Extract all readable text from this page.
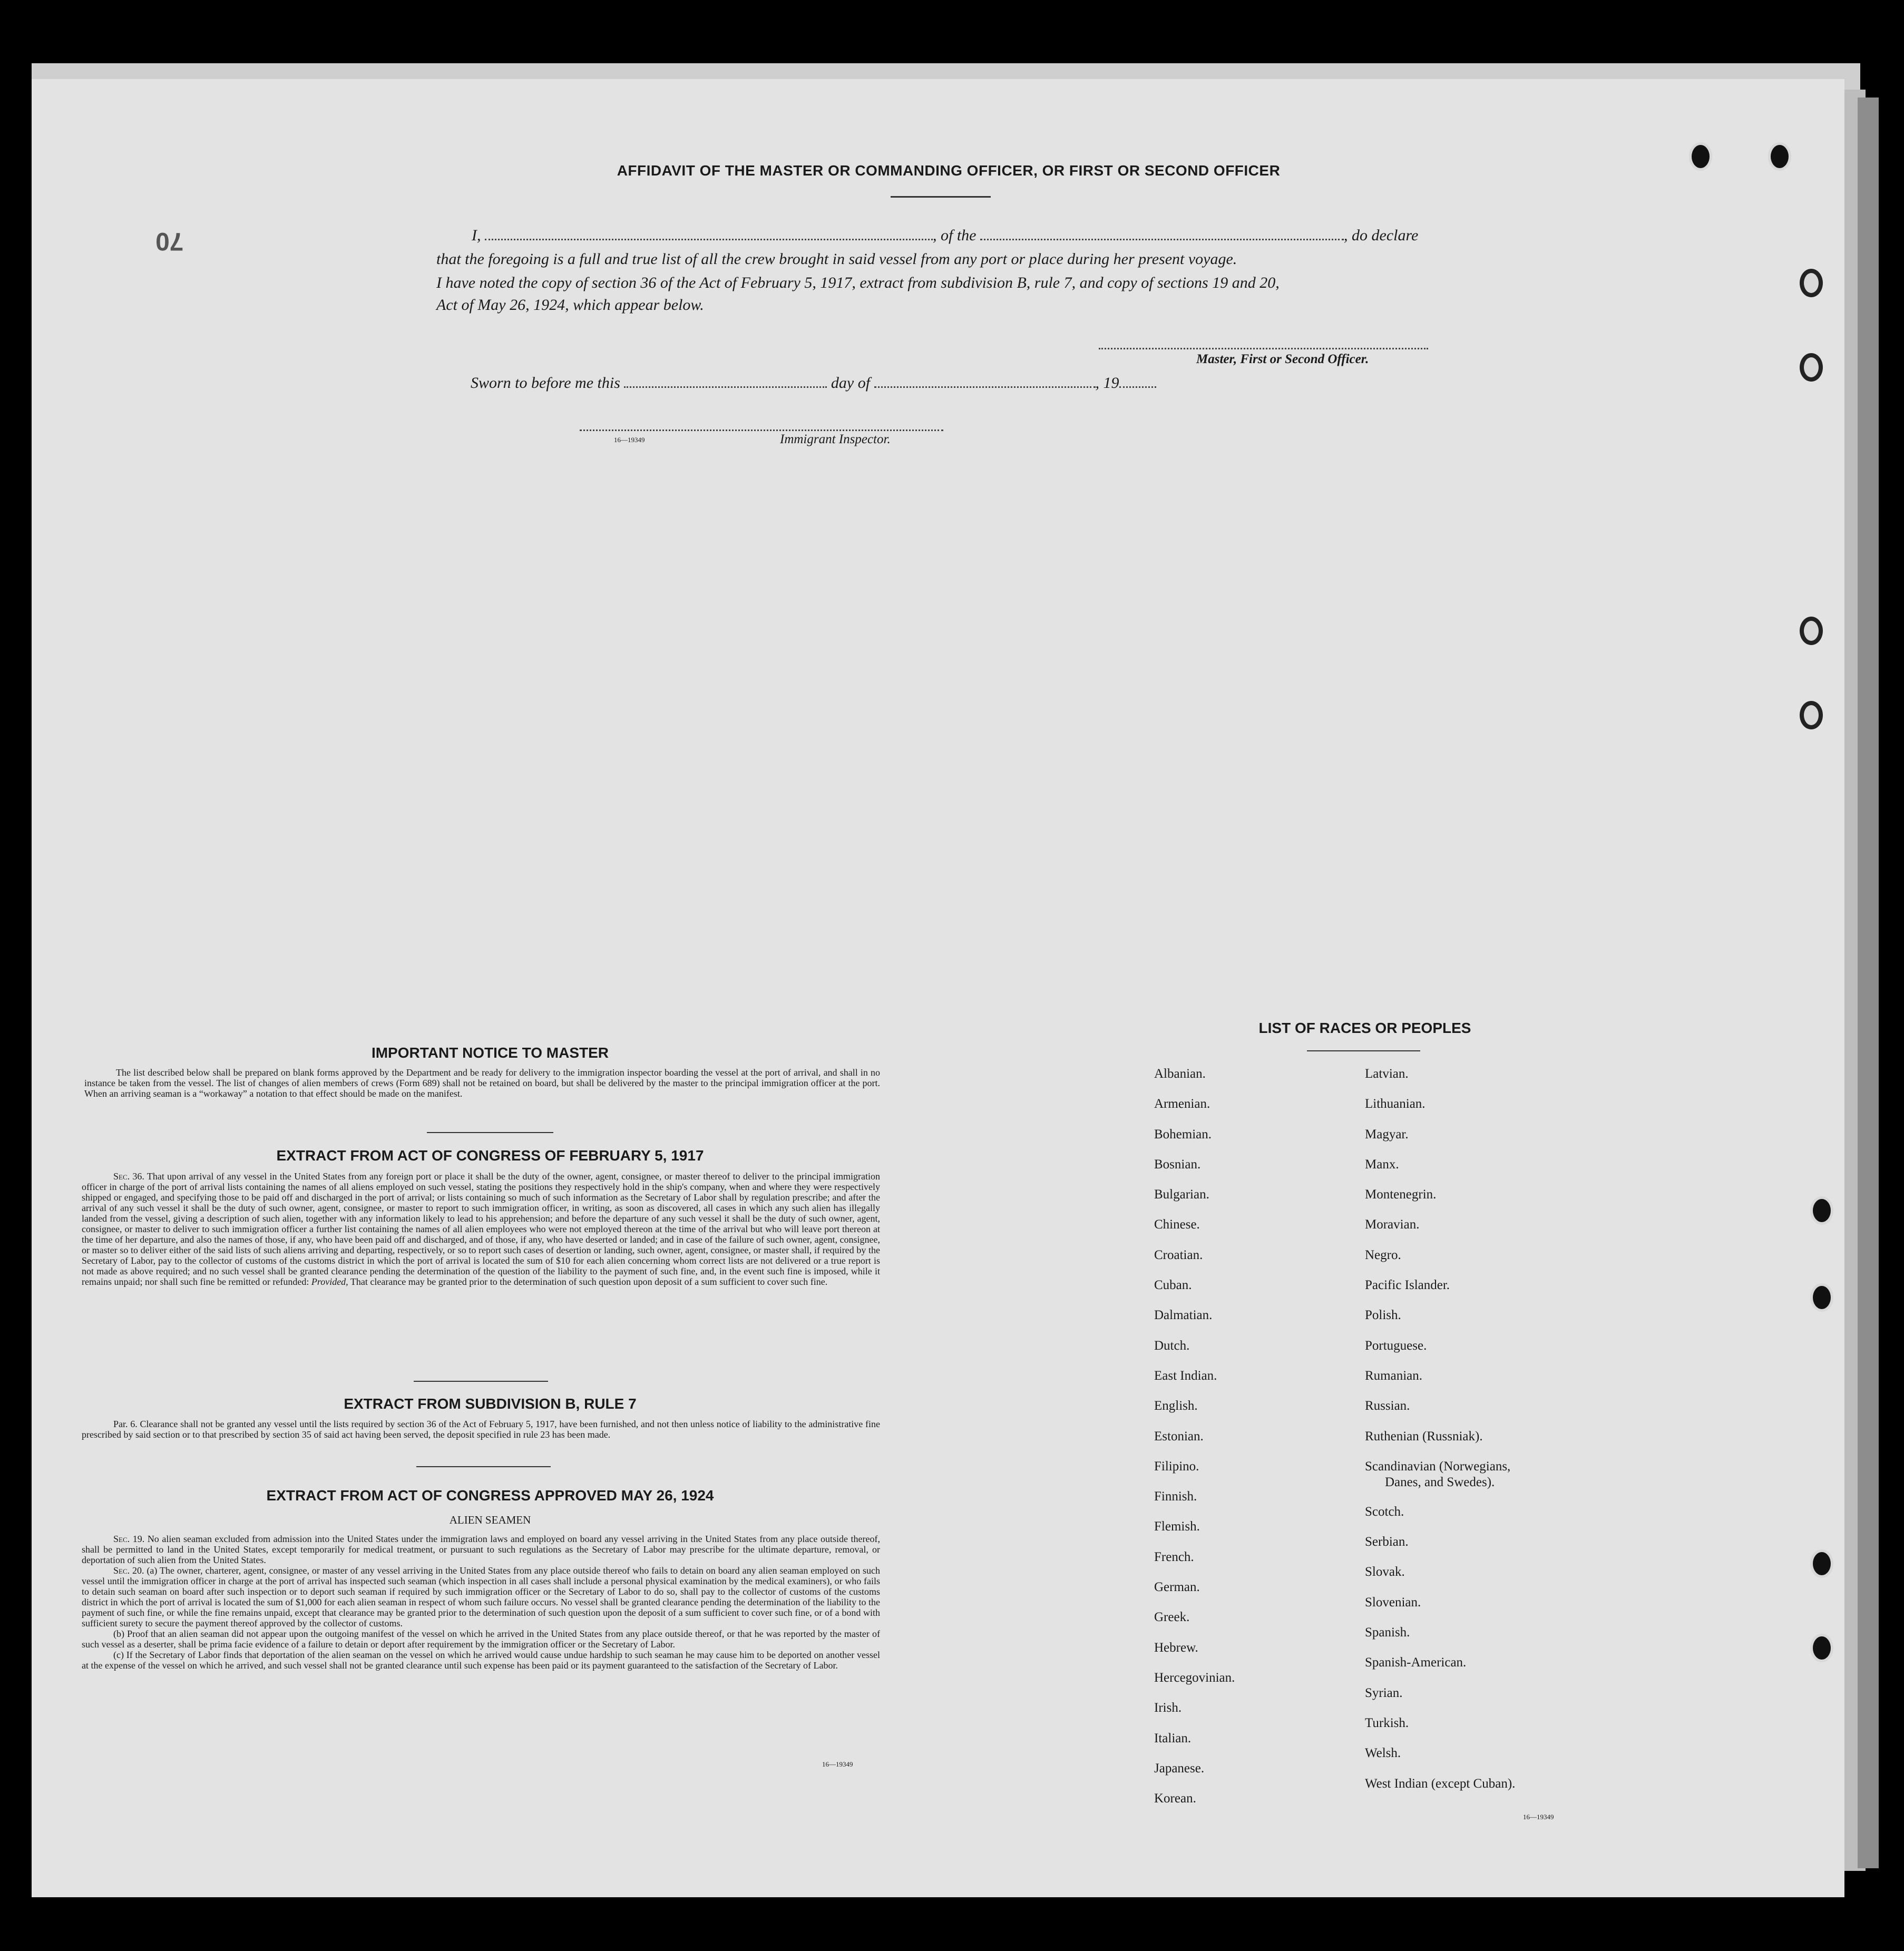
70
AFFIDAVIT OF THE MASTER OR COMMANDING OFFICER, OR FIRST OR SECOND OFFICER
I,	, of the	, do declare
that the foregoing is a full and true list of all the crew brought in said vessel from any port or place during her present voyage.
I have noted the copy of section 36 of the Act of February 5, 1917, extract from subdivision B, rule 7, and copy of sections 19 and 20,
Act of May 26, 1924, which appear below.
Master, First or Second Officer.
Sworn to before me this	day of	, 19
16—19349	Immigrant Inspector.
IMPORTANT NOTICE TO MASTER
The list described below shall be prepared on blank forms approved by the Department and be ready for delivery to the immigration inspector boarding the vessel at the port of arrival, and shall in no instance be taken from the vessel. The list of changes of alien members of crews (Form 689) shall not be retained on board, but shall be delivered by the master to the principal immigration officer at the port. When an arriving seaman is a “workaway” a notation to that effect should be made on the manifest.
EXTRACT FROM ACT OF CONGRESS OF FEBRUARY 5, 1917
Sec. 36. That upon arrival of any vessel in the United States from any foreign port or place it shall be the duty of the owner, agent, consignee, or master thereof to deliver to the principal immigration officer in charge of the port of arrival lists containing the names of all aliens employed on such vessel, stating the positions they respectively hold in the ship's company, when and where they were respectively shipped or engaged, and specifying those to be paid off and discharged in the port of arrival; or lists containing so much of such information as the Secretary of Labor shall by regulation prescribe; and after the arrival of any such vessel it shall be the duty of such owner, agent, consignee, or master to report to such immigration officer, in writing, as soon as discovered, all cases in which any such alien has illegally landed from the vessel, giving a description of such alien, together with any information likely to lead to his apprehension; and before the departure of any such vessel it shall be the duty of such owner, agent, consignee, or master to deliver to such immigration officer a further list containing the names of all alien employees who were not employed thereon at the time of the arrival but who will leave port thereon at the time of her departure, and also the names of those, if any, who have been paid off and discharged, and of those, if any, who have deserted or landed; and in case of the failure of such owner, agent, consignee, or master so to deliver either of the said lists of such aliens arriving and departing, respectively, or so to report such cases of desertion or landing, such owner, agent, consignee, or master shall, if required by the Secretary of Labor, pay to the collector of customs of the customs district in which the port of arrival is located the sum of $10 for each alien concerning whom correct lists are not delivered or a true report is not made as above required; and no such vessel shall be granted clearance pending the determination of the question of the liability to the payment of such fine, and, in the event such fine is imposed, while it remains unpaid; nor shall such fine be remitted or refunded: Provided, That clearance may be granted prior to the determination of such question upon deposit of a sum sufficient to cover such fine.
EXTRACT FROM SUBDIVISION B, RULE 7
Par. 6. Clearance shall not be granted any vessel until the lists required by section 36 of the Act of February 5, 1917, have been furnished, and not then unless notice of liability to the administrative fine prescribed by said section or to that prescribed by section 35 of said act having been served, the deposit specified in rule 23 has been made.
EXTRACT FROM ACT OF CONGRESS APPROVED MAY 26, 1924
ALIEN SEAMEN
Sec. 19. No alien seaman excluded from admission into the United States under the immigration laws and employed on board any vessel arriving in the United States from any place outside thereof, shall be permitted to land in the United States, except temporarily for medical treatment, or pursuant to such regulations as the Secretary of Labor may prescribe for the ultimate departure, removal, or deportation of such alien from the United States.
Sec. 20. (a) The owner, charterer, agent, consignee, or master of any vessel arriving in the United States from any place outside thereof who fails to detain on board any alien seaman employed on such vessel until the immigration officer in charge at the port of arrival has inspected such seaman (which inspection in all cases shall include a personal physical examination by the medical examiners), or who fails to detain such seaman on board after such inspection or to deport such seaman if required by such immigration officer or the Secretary of Labor to do so, shall pay to the collector of customs of the customs district in which the port of arrival is located the sum of $1,000 for each alien seaman in respect of whom such failure occurs. No vessel shall be granted clearance pending the determination of the liability to the payment of such fine, or while the fine remains unpaid, except that clearance may be granted prior to the determination of such question upon the deposit of a sum sufficient to cover such fine, or of a bond with sufficient surety to secure the payment thereof approved by the collector of customs.
(b) Proof that an alien seaman did not appear upon the outgoing manifest of the vessel on which he arrived in the United States from any place outside thereof, or that he was reported by the master of such vessel as a deserter, shall be prima facie evidence of a failure to detain or deport after requirement by the immigration officer or the Secretary of Labor.
(c) If the Secretary of Labor finds that deportation of the alien seaman on the vessel on which he arrived would cause undue hardship to such seaman he may cause him to be deported on another vessel at the expense of the vessel on which he arrived, and such vessel shall not be granted clearance until such expense has been paid or its payment guaranteed to the satisfaction of the Secretary of Labor.
16—19349
LIST OF RACES OR PEOPLES
Albanian.
Armenian.
Bohemian.
Bosnian.
Bulgarian.
Chinese.
Croatian.
Cuban.
Dalmatian.
Dutch.
East Indian.
English.
Estonian.
Filipino.
Finnish.
Flemish.
French.
German.
Greek.
Hebrew.
Hercegovinian.
Irish.
Italian.
Japanese.
Korean.
Latvian.
Lithuanian.
Magyar.
Manx.
Montenegrin.
Moravian.
Negro.
Pacific Islander.
Polish.
Portuguese.
Rumanian.
Russian.
Ruthenian (Russniak).
Scandinavian (Norwegians,
Danes, and Swedes).
Scotch.
Serbian.
Slovak.
Slovenian.
Spanish.
Spanish-American.
Syrian.
Turkish.
Welsh.
West Indian (except Cuban).
16—19349
